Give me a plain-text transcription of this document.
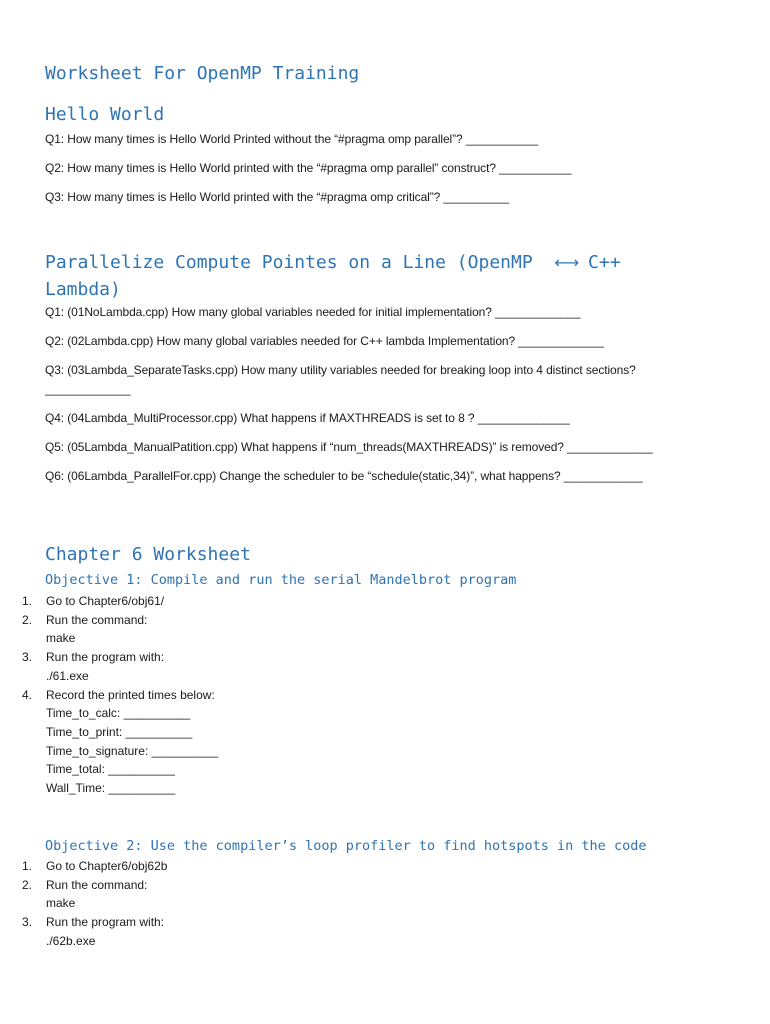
Worksheet For OpenMP Training
Hello World
Q1: How many times is Hello World Printed without the “#pragma omp parallel”? ___________
Q2: How many times is Hello World printed with the “#pragma omp parallel” construct? ___________
Q3: How many times is Hello World printed with the “#pragma omp critical”? __________
Parallelize Compute Pointes on a Line (OpenMP ←→ C++
Lambda)
Q1: (01NoLambda.cpp) How many global variables needed for initial implementation? _____________
Q2: (02Lambda.cpp) How many global variables needed for C++ lambda Implementation? _____________
Q3: (03Lambda_SeparateTasks.cpp) How many utility variables needed for breaking loop into 4 distinct sections?
_____________
Q4: (04Lambda_MultiProcessor.cpp) What happens if MAXTHREADS is set to 8 ? ______________
Q5: (05Lambda_ManualPatition.cpp) What happens if “num_threads(MAXTHREADS)” is removed? _____________
Q6: (06Lambda_ParallelFor.cpp) Change the scheduler to be “schedule(static,34)”, what happens? ____________
Chapter 6 Worksheet
Objective 1: Compile and run the serial Mandelbrot program
1. Go to Chapter6/obj61/
2. Run the command:
make
3. Run the program with:
./61.exe
4. Record the printed times below:
Time_to_calc: __________
Time_to_print: __________
Time_to_signature: __________
Time_total: __________
Wall_Time: __________
Objective 2: Use the compiler’s loop profiler to find hotspots in the code
1. Go to Chapter6/obj62b
2. Run the command:
make
3. Run the program with:
./62b.exe
